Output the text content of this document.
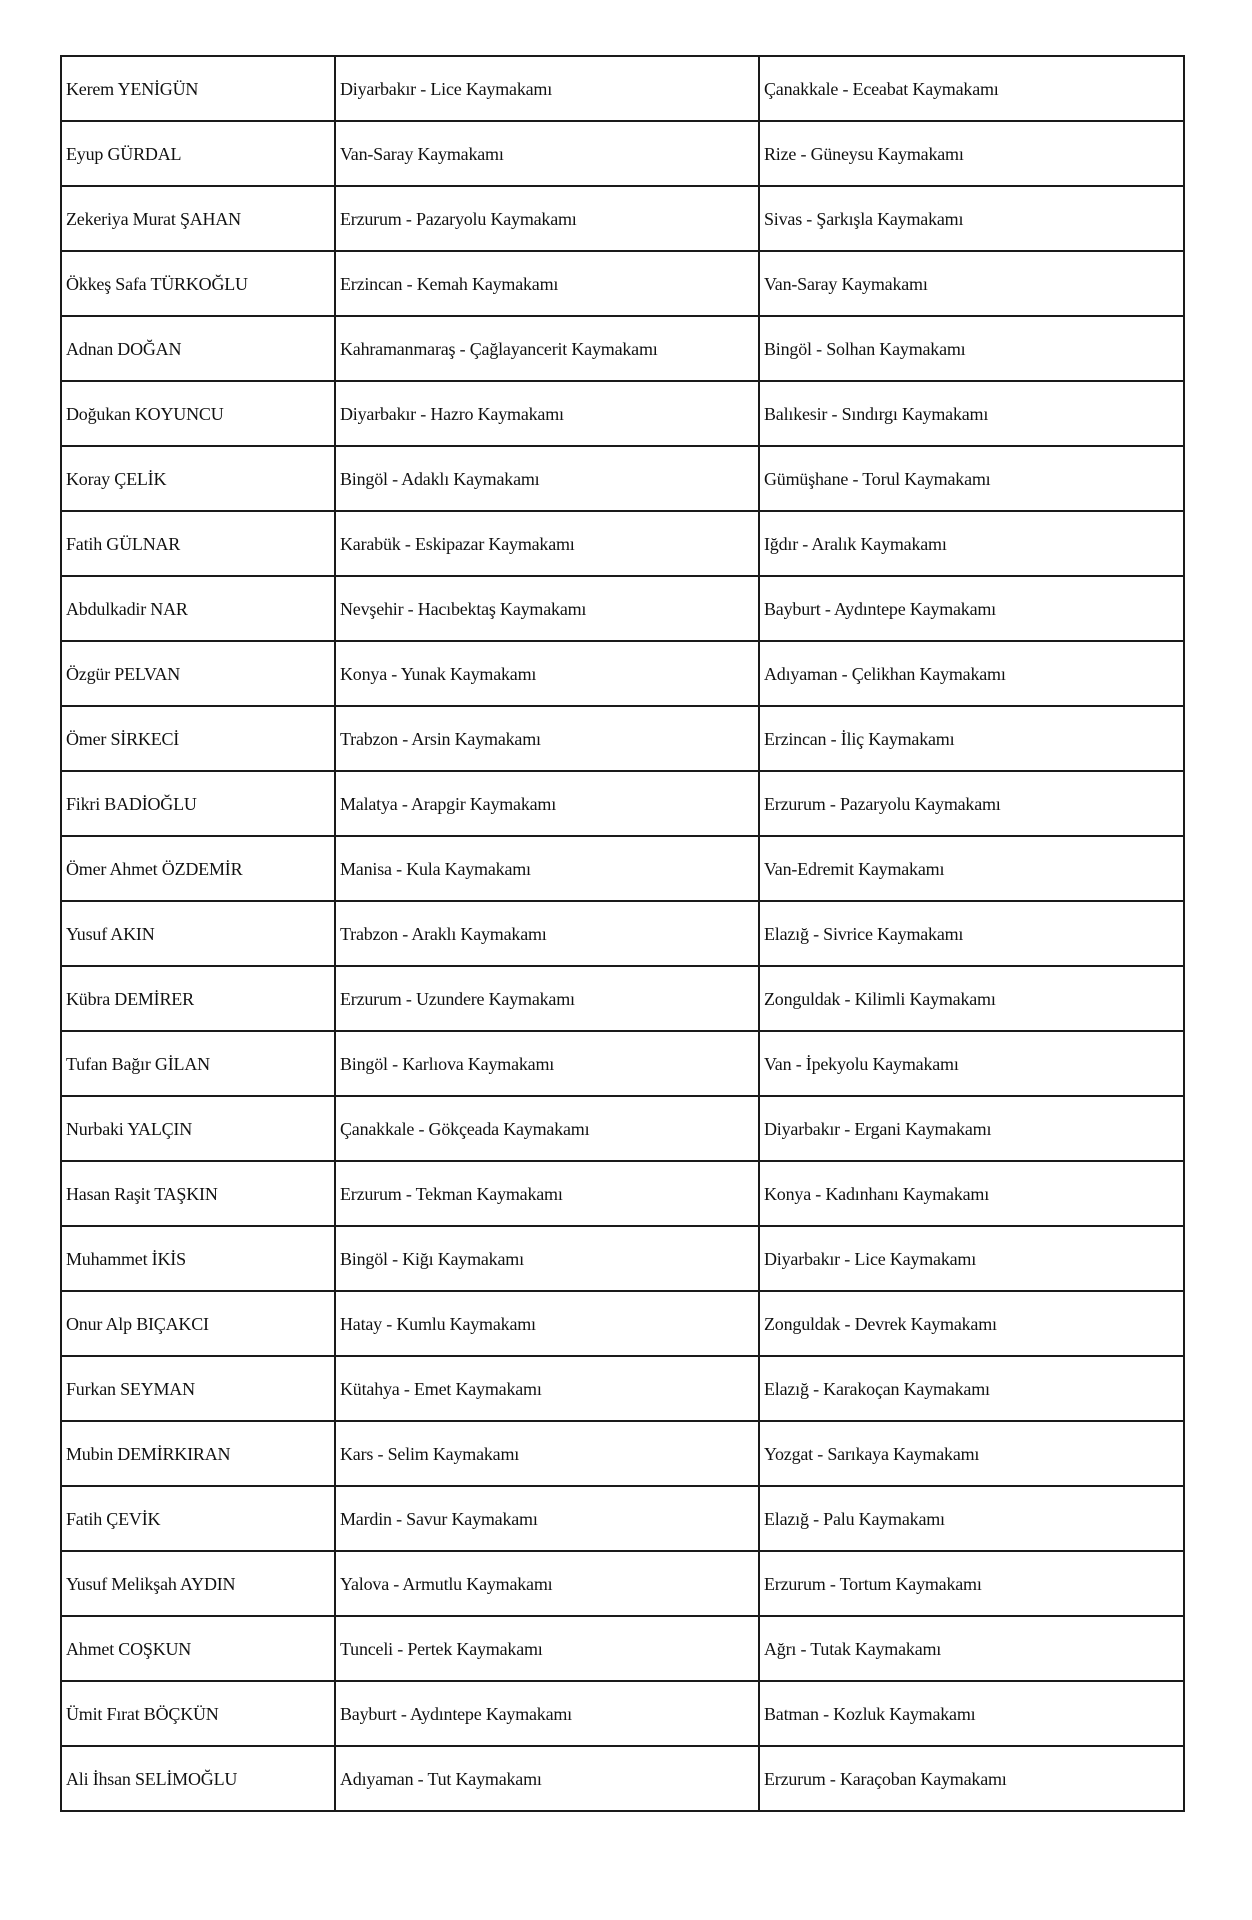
Kerem YENİGÜN	Diyarbakır - Lice Kaymakamı	Çanakkale - Eceabat Kaymakamı
Eyup GÜRDAL	Van-Saray Kaymakamı	Rize - Güneysu Kaymakamı
Zekeriya Murat ŞAHAN	Erzurum - Pazaryolu Kaymakamı	Sivas - Şarkışla Kaymakamı
Ökkeş Safa TÜRKOĞLU	Erzincan - Kemah Kaymakamı	Van-Saray Kaymakamı
Adnan DOĞAN	Kahramanmaraş - Çağlayancerit Kaymakamı	Bingöl - Solhan Kaymakamı
Doğukan KOYUNCU	Diyarbakır - Hazro Kaymakamı	Balıkesir - Sındırgı Kaymakamı
Koray ÇELİK	Bingöl - Adaklı Kaymakamı	Gümüşhane - Torul Kaymakamı
Fatih GÜLNAR	Karabük - Eskipazar Kaymakamı	Iğdır - Aralık Kaymakamı
Abdulkadir NAR	Nevşehir - Hacıbektaş Kaymakamı	Bayburt - Aydıntepe Kaymakamı
Özgür PELVAN	Konya - Yunak Kaymakamı	Adıyaman - Çelikhan Kaymakamı
Ömer SİRKECİ	Trabzon - Arsin Kaymakamı	Erzincan - İliç Kaymakamı
Fikri BADİOĞLU	Malatya - Arapgir Kaymakamı	Erzurum - Pazaryolu Kaymakamı
Ömer Ahmet ÖZDEMİR	Manisa - Kula Kaymakamı	Van-Edremit Kaymakamı
Yusuf AKIN	Trabzon - Araklı Kaymakamı	Elazığ - Sivrice Kaymakamı
Kübra DEMİRER	Erzurum - Uzundere Kaymakamı	Zonguldak - Kilimli Kaymakamı
Tufan Bağır GİLAN	Bingöl - Karlıova Kaymakamı	Van - İpekyolu Kaymakamı
Nurbaki YALÇIN	Çanakkale - Gökçeada Kaymakamı	Diyarbakır - Ergani Kaymakamı
Hasan Raşit TAŞKIN	Erzurum - Tekman Kaymakamı	Konya - Kadınhanı Kaymakamı
Muhammet İKİS	Bingöl - Kiğı Kaymakamı	Diyarbakır - Lice Kaymakamı
Onur Alp BIÇAKCI	Hatay - Kumlu Kaymakamı	Zonguldak - Devrek Kaymakamı
Furkan SEYMAN	Kütahya - Emet Kaymakamı	Elazığ - Karakoçan Kaymakamı
Mubin DEMİRKIRAN	Kars - Selim Kaymakamı	Yozgat - Sarıkaya Kaymakamı
Fatih ÇEVİK	Mardin - Savur Kaymakamı	Elazığ - Palu Kaymakamı
Yusuf Melikşah AYDIN	Yalova - Armutlu Kaymakamı	Erzurum - Tortum Kaymakamı
Ahmet COŞKUN	Tunceli - Pertek Kaymakamı	Ağrı - Tutak Kaymakamı
Ümit Fırat BÖÇKÜN	Bayburt - Aydıntepe Kaymakamı	Batman - Kozluk Kaymakamı
Ali İhsan SELİMOĞLU	Adıyaman - Tut Kaymakamı	Erzurum - Karaçoban Kaymakamı
